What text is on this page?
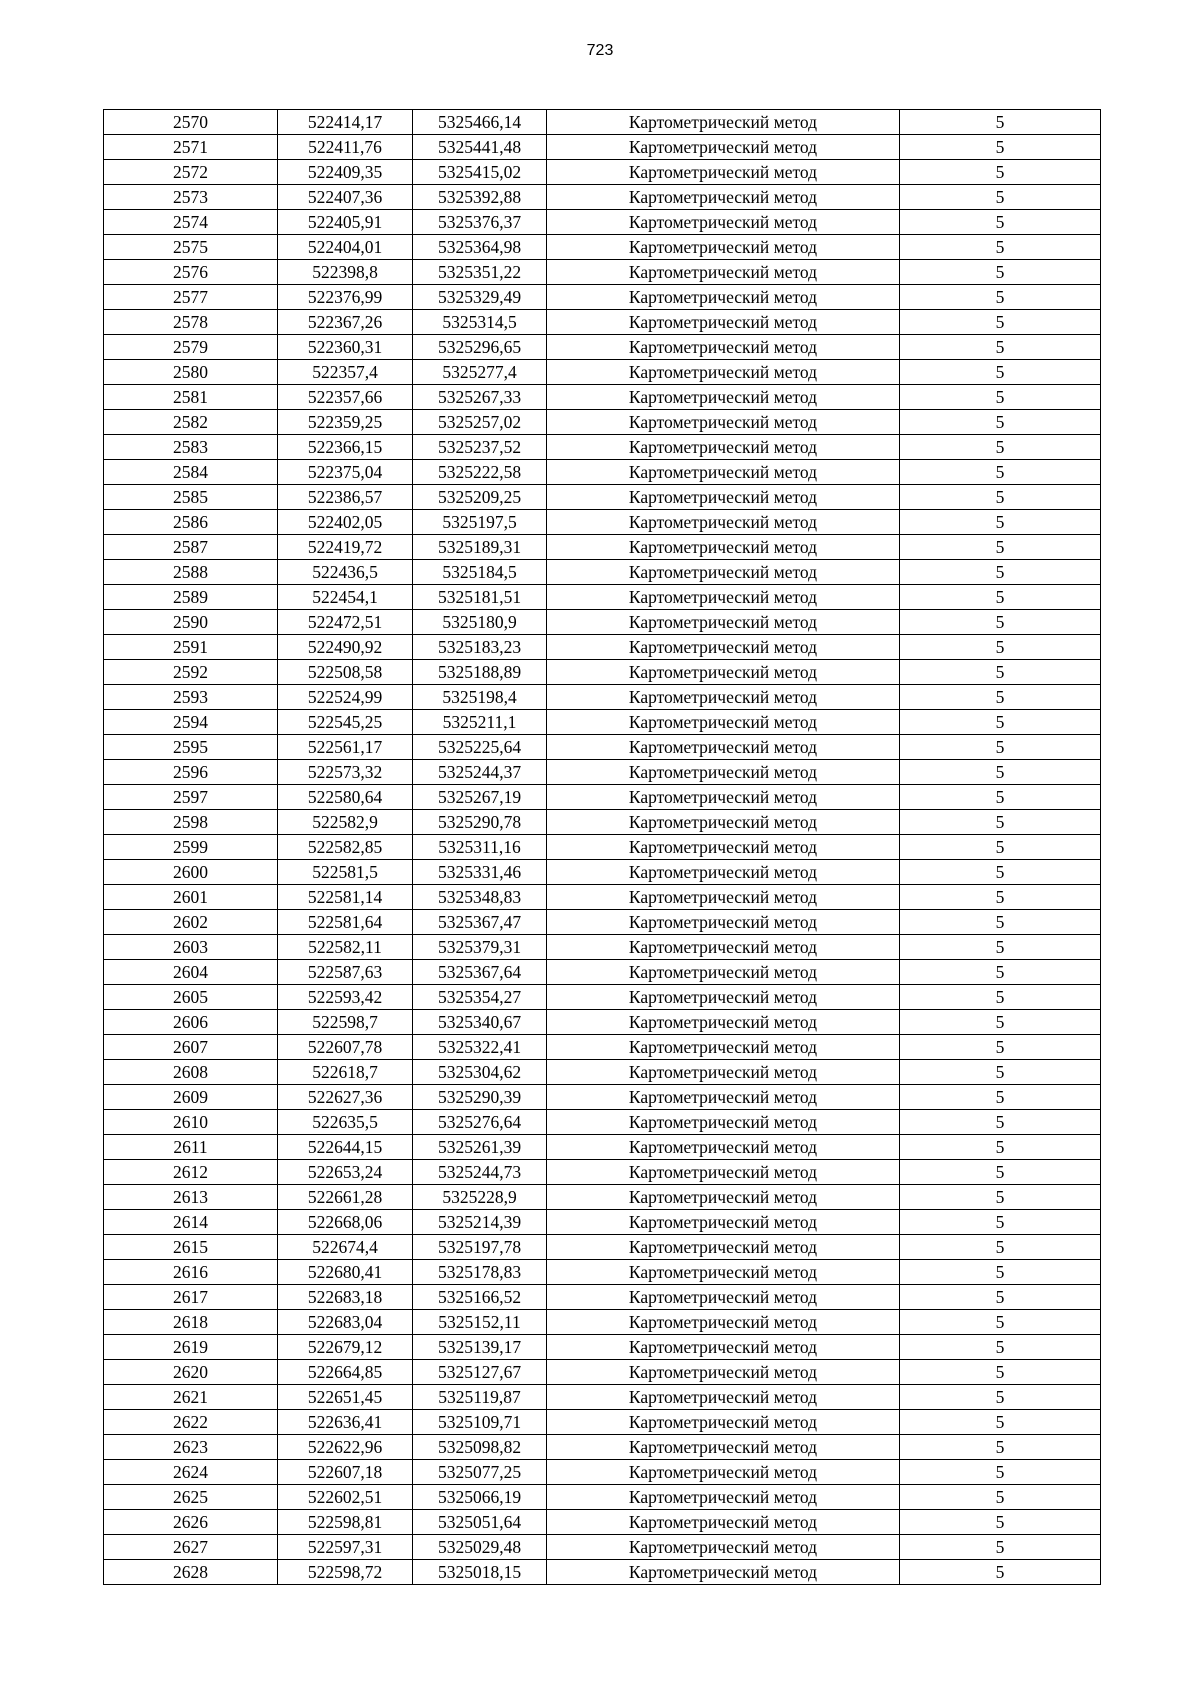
723
2570	522414,17	5325466,14	Картометрический метод	5
2571	522411,76	5325441,48	Картометрический метод	5
2572	522409,35	5325415,02	Картометрический метод	5
2573	522407,36	5325392,88	Картометрический метод	5
2574	522405,91	5325376,37	Картометрический метод	5
2575	522404,01	5325364,98	Картометрический метод	5
2576	522398,8	5325351,22	Картометрический метод	5
2577	522376,99	5325329,49	Картометрический метод	5
2578	522367,26	5325314,5	Картометрический метод	5
2579	522360,31	5325296,65	Картометрический метод	5
2580	522357,4	5325277,4	Картометрический метод	5
2581	522357,66	5325267,33	Картометрический метод	5
2582	522359,25	5325257,02	Картометрический метод	5
2583	522366,15	5325237,52	Картометрический метод	5
2584	522375,04	5325222,58	Картометрический метод	5
2585	522386,57	5325209,25	Картометрический метод	5
2586	522402,05	5325197,5	Картометрический метод	5
2587	522419,72	5325189,31	Картометрический метод	5
2588	522436,5	5325184,5	Картометрический метод	5
2589	522454,1	5325181,51	Картометрический метод	5
2590	522472,51	5325180,9	Картометрический метод	5
2591	522490,92	5325183,23	Картометрический метод	5
2592	522508,58	5325188,89	Картометрический метод	5
2593	522524,99	5325198,4	Картометрический метод	5
2594	522545,25	5325211,1	Картометрический метод	5
2595	522561,17	5325225,64	Картометрический метод	5
2596	522573,32	5325244,37	Картометрический метод	5
2597	522580,64	5325267,19	Картометрический метод	5
2598	522582,9	5325290,78	Картометрический метод	5
2599	522582,85	5325311,16	Картометрический метод	5
2600	522581,5	5325331,46	Картометрический метод	5
2601	522581,14	5325348,83	Картометрический метод	5
2602	522581,64	5325367,47	Картометрический метод	5
2603	522582,11	5325379,31	Картометрический метод	5
2604	522587,63	5325367,64	Картометрический метод	5
2605	522593,42	5325354,27	Картометрический метод	5
2606	522598,7	5325340,67	Картометрический метод	5
2607	522607,78	5325322,41	Картометрический метод	5
2608	522618,7	5325304,62	Картометрический метод	5
2609	522627,36	5325290,39	Картометрический метод	5
2610	522635,5	5325276,64	Картометрический метод	5
2611	522644,15	5325261,39	Картометрический метод	5
2612	522653,24	5325244,73	Картометрический метод	5
2613	522661,28	5325228,9	Картометрический метод	5
2614	522668,06	5325214,39	Картометрический метод	5
2615	522674,4	5325197,78	Картометрический метод	5
2616	522680,41	5325178,83	Картометрический метод	5
2617	522683,18	5325166,52	Картометрический метод	5
2618	522683,04	5325152,11	Картометрический метод	5
2619	522679,12	5325139,17	Картометрический метод	5
2620	522664,85	5325127,67	Картометрический метод	5
2621	522651,45	5325119,87	Картометрический метод	5
2622	522636,41	5325109,71	Картометрический метод	5
2623	522622,96	5325098,82	Картометрический метод	5
2624	522607,18	5325077,25	Картометрический метод	5
2625	522602,51	5325066,19	Картометрический метод	5
2626	522598,81	5325051,64	Картометрический метод	5
2627	522597,31	5325029,48	Картометрический метод	5
2628	522598,72	5325018,15	Картометрический метод	5
